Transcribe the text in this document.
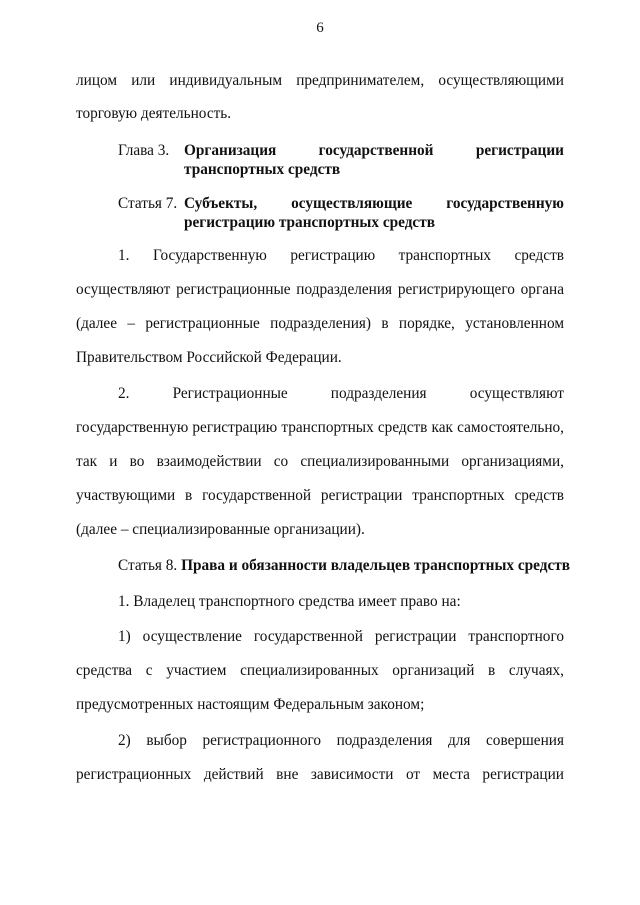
6
лицом или индивидуальным предпринимателем, осуществляющими
торговую деятельность.
Глава 3. Организация государственной регистрации
транспортных средств
Статья 7. Субъекты, осуществляющие государственную
регистрацию транспортных средств
1. Государственную регистрацию транспортных средств
осуществляют регистрационные подразделения регистрирующего органа
(далее – регистрационные подразделения) в порядке, установленном
Правительством Российской Федерации.
2. Регистрационные подразделения осуществляют
государственную регистрацию транспортных средств как самостоятельно,
так и во взаимодействии со специализированными организациями,
участвующими в государственной регистрации транспортных средств
(далее – специализированные организации).
Статья 8. Права и обязанности владельцев транспортных средств
1. Владелец транспортного средства имеет право на:
1) осуществление государственной регистрации транспортного
средства с участием специализированных организаций в случаях,
предусмотренных настоящим Федеральным законом;
2) выбор регистрационного подразделения для совершения
регистрационных действий вне зависимости от места регистрации
